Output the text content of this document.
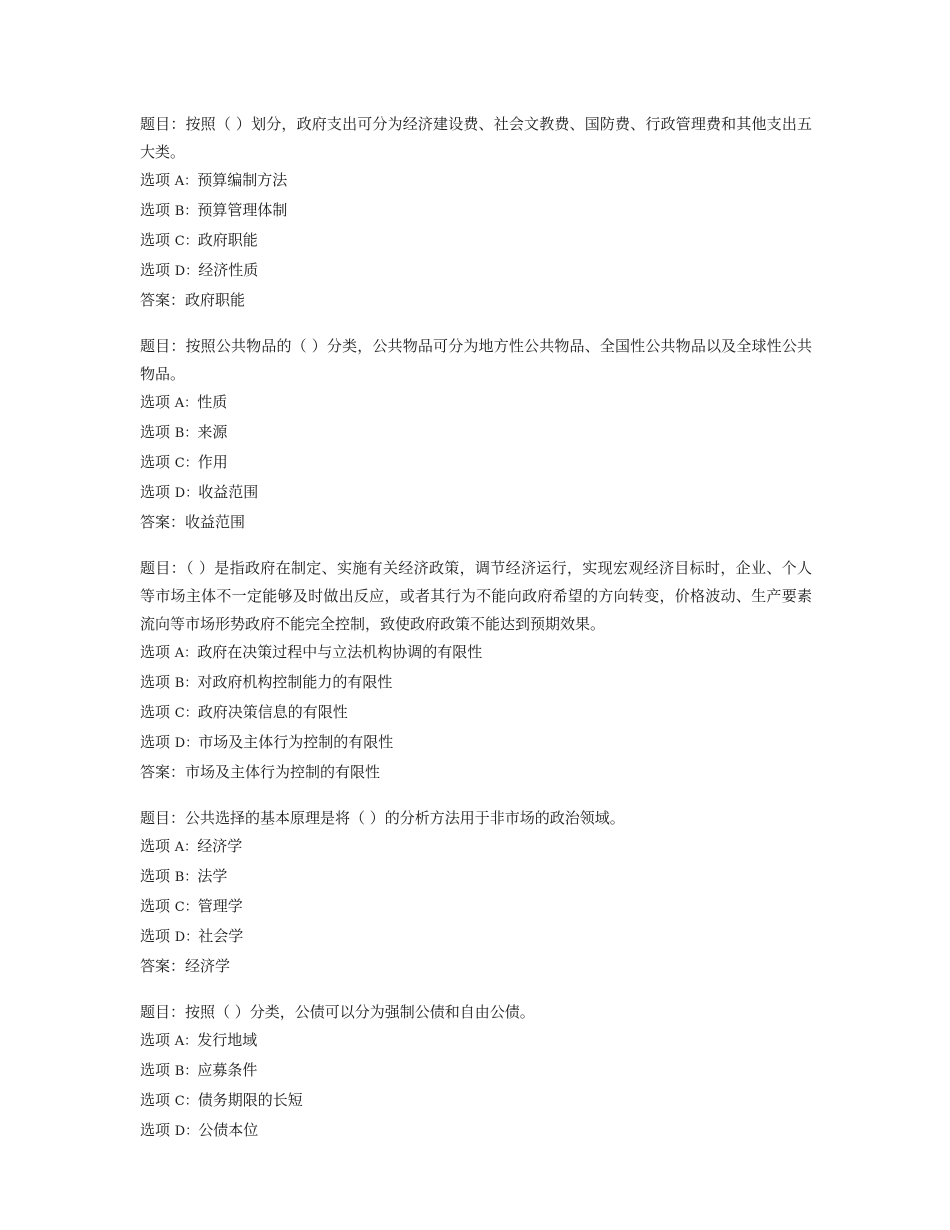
题目：按照（ ）划分，政府支出可分为经济建设费、社会文教费、国防费、行政管理费和其他支出五大类。
选项 A：预算编制方法
选项 B：预算管理体制
选项 C：政府职能
选项 D：经济性质
答案：政府职能
题目：按照公共物品的（ ）分类，公共物品可分为地方性公共物品、全国性公共物品以及全球性公共物品。
选项 A：性质
选项 B：来源
选项 C：作用
选项 D：收益范围
答案：收益范围
题目：（ ）是指政府在制定、实施有关经济政策，调节经济运行，实现宏观经济目标时，企业、个人等市场主体不一定能够及时做出反应，或者其行为不能向政府希望的方向转变，价格波动、生产要素流向等市场形势政府不能完全控制，致使政府政策不能达到预期效果。
选项 A：政府在决策过程中与立法机构协调的有限性
选项 B：对政府机构控制能力的有限性
选项 C：政府决策信息的有限性
选项 D：市场及主体行为控制的有限性
答案：市场及主体行为控制的有限性
题目：公共选择的基本原理是将（ ）的分析方法用于非市场的政治领域。
选项 A：经济学
选项 B：法学
选项 C：管理学
选项 D：社会学
答案：经济学
题目：按照（ ）分类，公债可以分为强制公债和自由公债。
选项 A：发行地域
选项 B：应募条件
选项 C：债务期限的长短
选项 D：公债本位
